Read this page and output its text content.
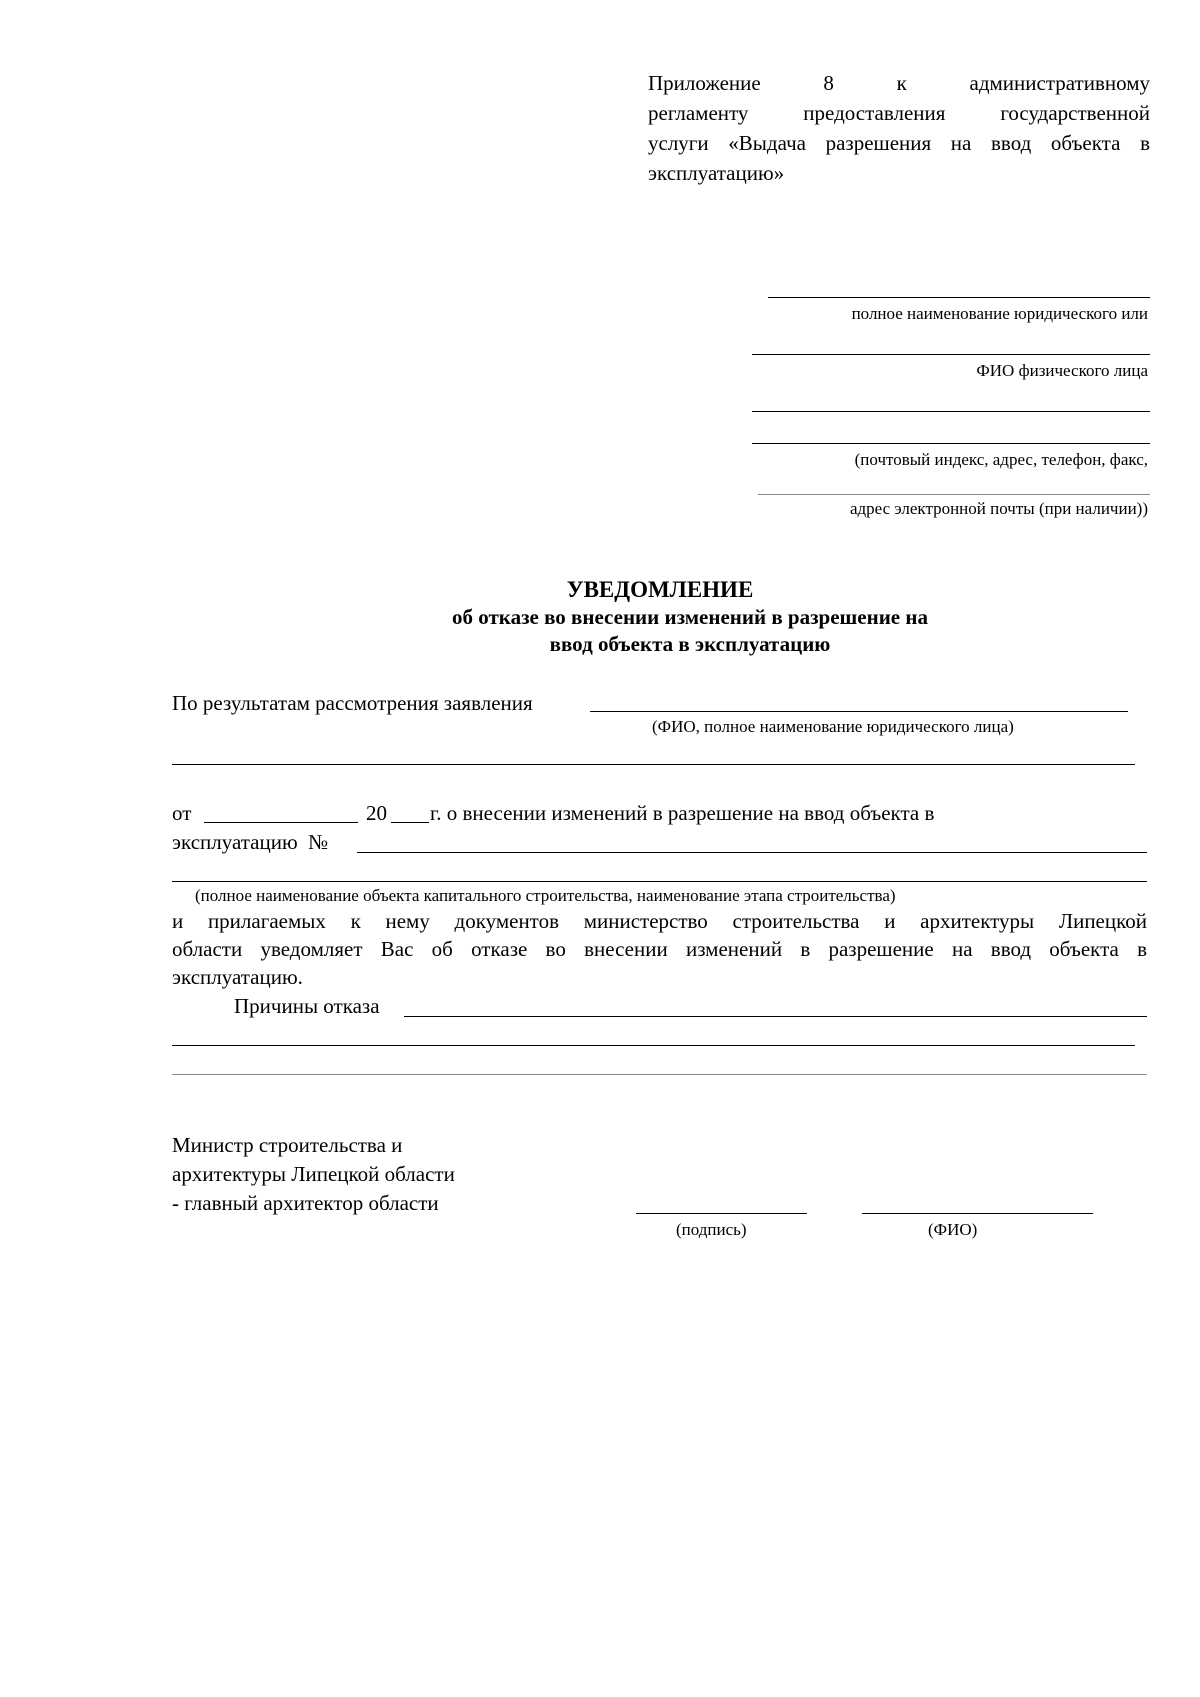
Приложение 8 к административному
регламенту предоставления государственной
услуги «Выдача разрешения на ввод объекта в
эксплуатацию»
полное наименование юридического или
ФИО физического лица
(почтовый индекс, адрес, телефон, факс,
адрес электронной почты (при наличии))
УВЕДОМЛЕНИЕ
об отказе во внесении изменений в разрешение на
ввод объекта в эксплуатацию
По результатам рассмотрения заявления
(ФИО, полное наименование юридического лица)
от	20 г. о внесении изменений в разрешение на ввод объекта в
эксплуатацию  №
(полное наименование объекта капитального строительства, наименование этапа строительства)
и прилагаемых к нему документов министерство строительства и архитектуры Липецкой
области уведомляет Вас об отказе во внесении изменений в разрешение на ввод объекта в
эксплуатацию.
Причины отказа
Министр строительства и
архитектуры Липецкой области
- главный архитектор области
(подпись)	(ФИО)
